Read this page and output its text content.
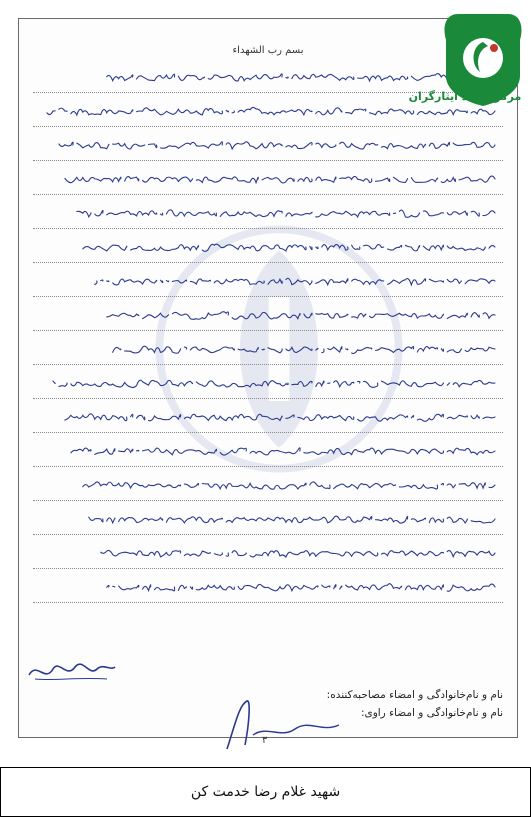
بسم رب الشهداء
نام و نام‌خانوادگی و امضاء مصاحبه‌کننده:
نام و نام‌خانوادگی و امضاء راوی:
۳
مرکز اسناد ایثارگران
شهید غلام رضا خدمت کن
